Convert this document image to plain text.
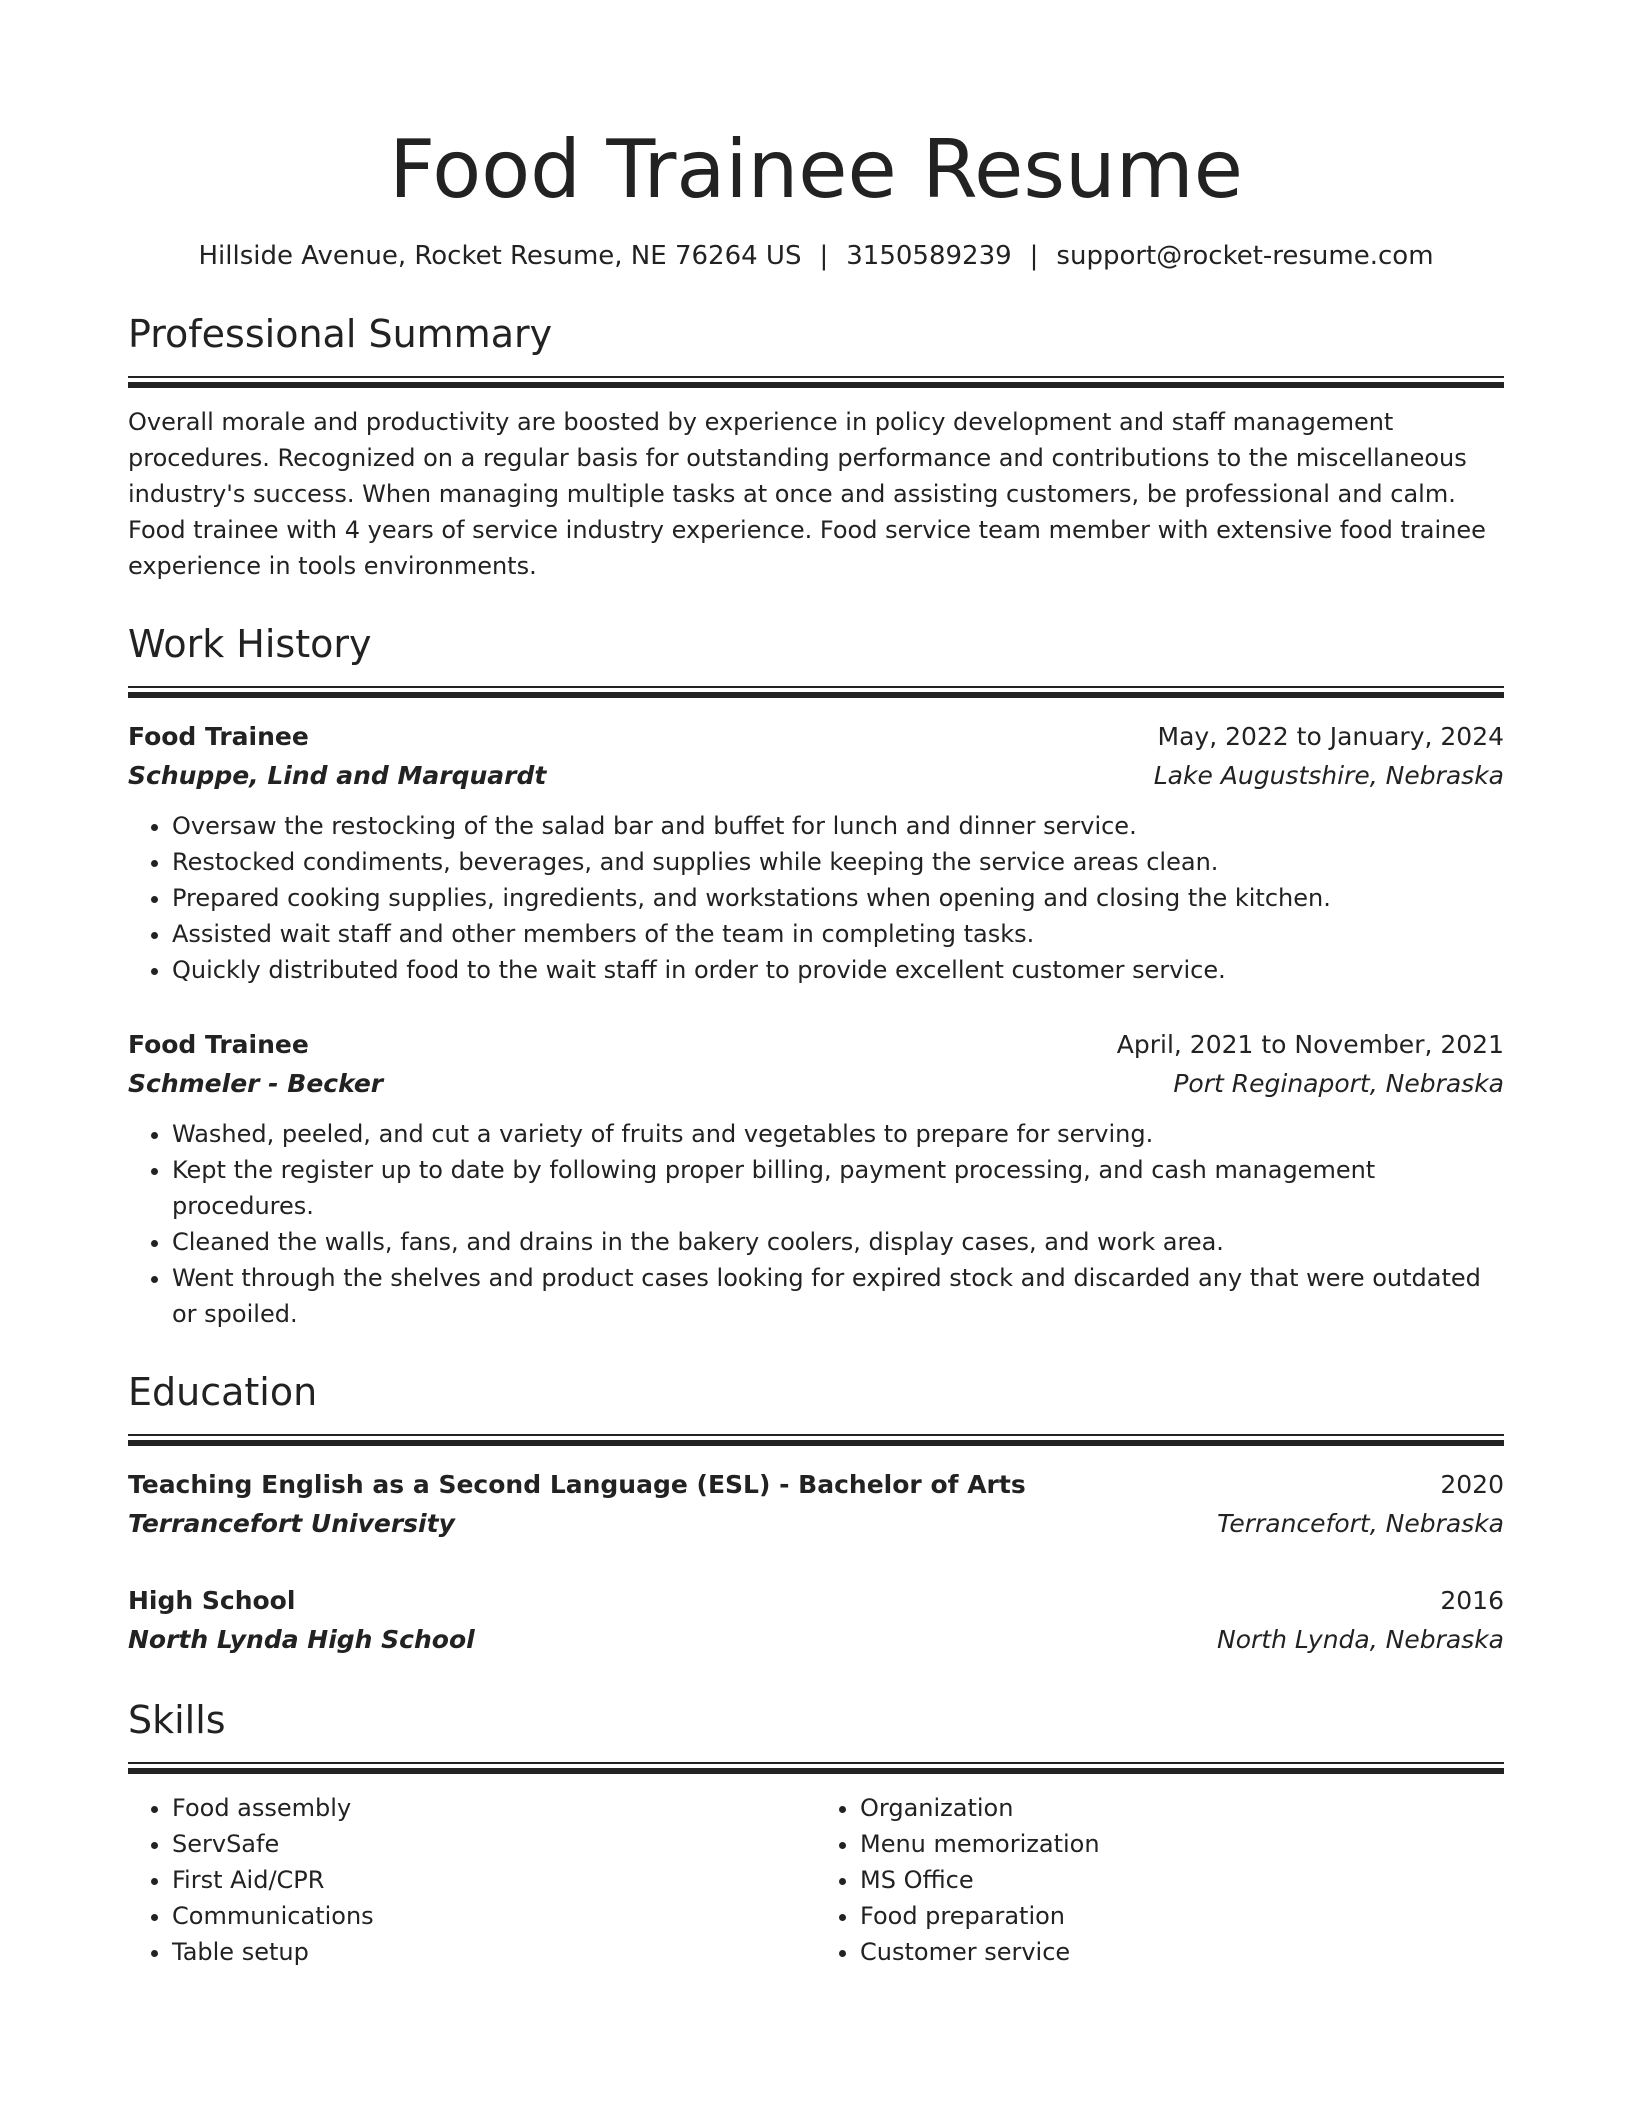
Food Trainee Resume
Hillside Avenue, Rocket Resume, NE 76264 US | 3150589239 | support@rocket-resume.com
Professional Summary
Overall morale and productivity are boosted by experience in policy development and staff management procedures. Recognized on a regular basis for outstanding performance and contributions to the miscellaneous industry's success. When managing multiple tasks at once and assisting customers, be professional and calm. Food trainee with 4 years of service industry experience. Food service team member with extensive food trainee experience in tools environments.
Work History
Food Trainee	May, 2022 to January, 2024
Schuppe, Lind and Marquardt	Lake Augustshire, Nebraska
• Oversaw the restocking of the salad bar and buffet for lunch and dinner service.
• Restocked condiments, beverages, and supplies while keeping the service areas clean.
• Prepared cooking supplies, ingredients, and workstations when opening and closing the kitchen.
• Assisted wait staff and other members of the team in completing tasks.
• Quickly distributed food to the wait staff in order to provide excellent customer service.
Food Trainee	April, 2021 to November, 2021
Schmeler - Becker	Port Reginaport, Nebraska
• Washed, peeled, and cut a variety of fruits and vegetables to prepare for serving.
• Kept the register up to date by following proper billing, payment processing, and cash management procedures.
• Cleaned the walls, fans, and drains in the bakery coolers, display cases, and work area.
• Went through the shelves and product cases looking for expired stock and discarded any that were outdated or spoiled.
Education
Teaching English as a Second Language (ESL) - Bachelor of Arts	2020
Terrancefort University	Terrancefort, Nebraska
High School	2016
North Lynda High School	North Lynda, Nebraska
Skills
• Food assembly
• ServSafe
• First Aid/CPR
• Communications
• Table setup
• Organization
• Menu memorization
• MS Office
• Food preparation
• Customer service
